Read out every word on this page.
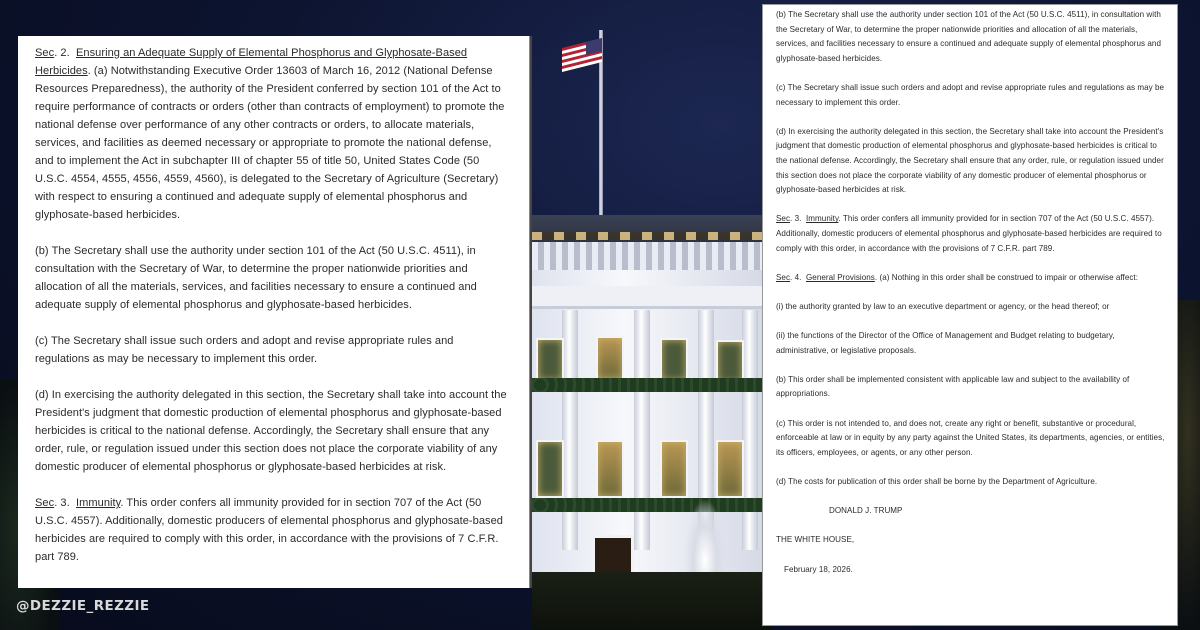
Sec. 2. Ensuring an Adequate Supply of Elemental Phosphorus and Glyphosate-Based Herbicides. (a) Notwithstanding Executive Order 13603 of March 16, 2012 (National Defense Resources Preparedness), the authority of the President conferred by section 101 of the Act to require performance of contracts or orders (other than contracts of employment) to promote the national defense over performance of any other contracts or orders, to allocate materials, services, and facilities as deemed necessary or appropriate to promote the national defense, and to implement the Act in subchapter III of chapter 55 of title 50, United States Code (50 U.S.C. 4554, 4555, 4556, 4559, 4560), is delegated to the Secretary of Agriculture (Secretary) with respect to ensuring a continued and adequate supply of elemental phosphorus and glyphosate-based herbicides.

(b) The Secretary shall use the authority under section 101 of the Act (50 U.S.C. 4511), in consultation with the Secretary of War, to determine the proper nationwide priorities and allocation of all the materials, services, and facilities necessary to ensure a continued and adequate supply of elemental phosphorus and glyphosate-based herbicides.

(c) The Secretary shall issue such orders and adopt and revise appropriate rules and regulations as may be necessary to implement this order.

(d) In exercising the authority delegated in this section, the Secretary shall take into account the President's judgment that domestic production of elemental phosphorus and glyphosate-based herbicides is critical to the national defense. Accordingly, the Secretary shall ensure that any order, rule, or regulation issued under this section does not place the corporate viability of any domestic producer of elemental phosphorus or glyphosate-based herbicides at risk.

Sec. 3. Immunity. This order confers all immunity provided for in section 707 of the Act (50 U.S.C. 4557). Additionally, domestic producers of elemental phosphorus and glyphosate-based herbicides are required to comply with this order, in accordance with the provisions of 7 C.F.R. part 789.

(b) The Secretary shall use the authority under section 101 of the Act (50 U.S.C. 4511), in consultation with the Secretary of War, to determine the proper nationwide priorities and allocation of all the materials, services, and facilities necessary to ensure a continued and adequate supply of elemental phosphorus and glyphosate-based herbicides.

(c) The Secretary shall issue such orders and adopt and revise appropriate rules and regulations as may be necessary to implement this order.

(d) In exercising the authority delegated in this section, the Secretary shall take into account the President's judgment that domestic production of elemental phosphorus and glyphosate-based herbicides is critical to the national defense. Accordingly, the Secretary shall ensure that any order, rule, or regulation issued under this section does not place the corporate viability of any domestic producer of elemental phosphorus or glyphosate-based herbicides at risk.

Sec. 3. Immunity. This order confers all immunity provided for in section 707 of the Act (50 U.S.C. 4557). Additionally, domestic producers of elemental phosphorus and glyphosate-based herbicides are required to comply with this order, in accordance with the provisions of 7 C.F.R. part 789.

Sec. 4. General Provisions. (a) Nothing in this order shall be construed to impair or otherwise affect:

(i) the authority granted by law to an executive department or agency, or the head thereof; or

(ii) the functions of the Director of the Office of Management and Budget relating to budgetary, administrative, or legislative proposals.

(b) This order shall be implemented consistent with applicable law and subject to the availability of appropriations.

(c) This order is not intended to, and does not, create any right or benefit, substantive or procedural, enforceable at law or in equity by any party against the United States, its departments, agencies, or entities, its officers, employees, or agents, or any other person.

(d) The costs for publication of this order shall be borne by the Department of Agriculture.

DONALD J. TRUMP

THE WHITE HOUSE,

February 18, 2026.

@DEZZIE_REZZIE
